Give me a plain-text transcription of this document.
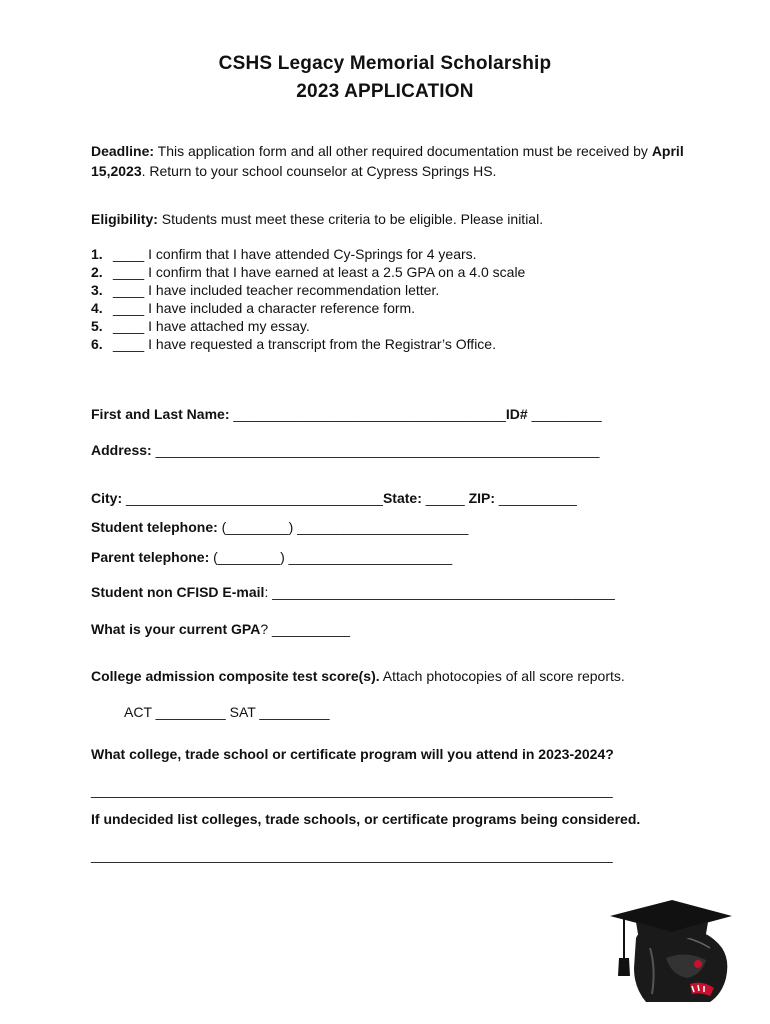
CSHS Legacy Memorial Scholarship
2023 APPLICATION
Deadline: This application form and all other required documentation must be received by April 15,2023. Return to your school counselor at Cypress Springs HS.
Eligibility: Students must meet these criteria to be eligible. Please initial.
1. ____ I confirm that I have attended Cy-Springs for 4 years.
2. ____ I confirm that I have earned at least a 2.5 GPA on a 4.0 scale
3. ____ I have included teacher recommendation letter.
4. ____ I have included a character reference form.
5. ____ I have attached my essay.
6. ____ I have requested a transcript from the Registrar’s Office.
First and Last Name: ___________________________________ID# _________
Address: _________________________________________________________
City: _________________________________State: _____ ZIP: __________
Student telephone: (________) ______________________
Parent telephone: (________) _____________________
Student non CFISD E-mail: ____________________________________________
What is your current GPA? __________
College admission composite test score(s). Attach photocopies of all score reports.
ACT _________ SAT _________
What college, trade school or certificate program will you attend in 2023-2024?
___________________________________________________________________
If undecided list colleges, trade schools, or certificate programs being considered.
___________________________________________________________________
